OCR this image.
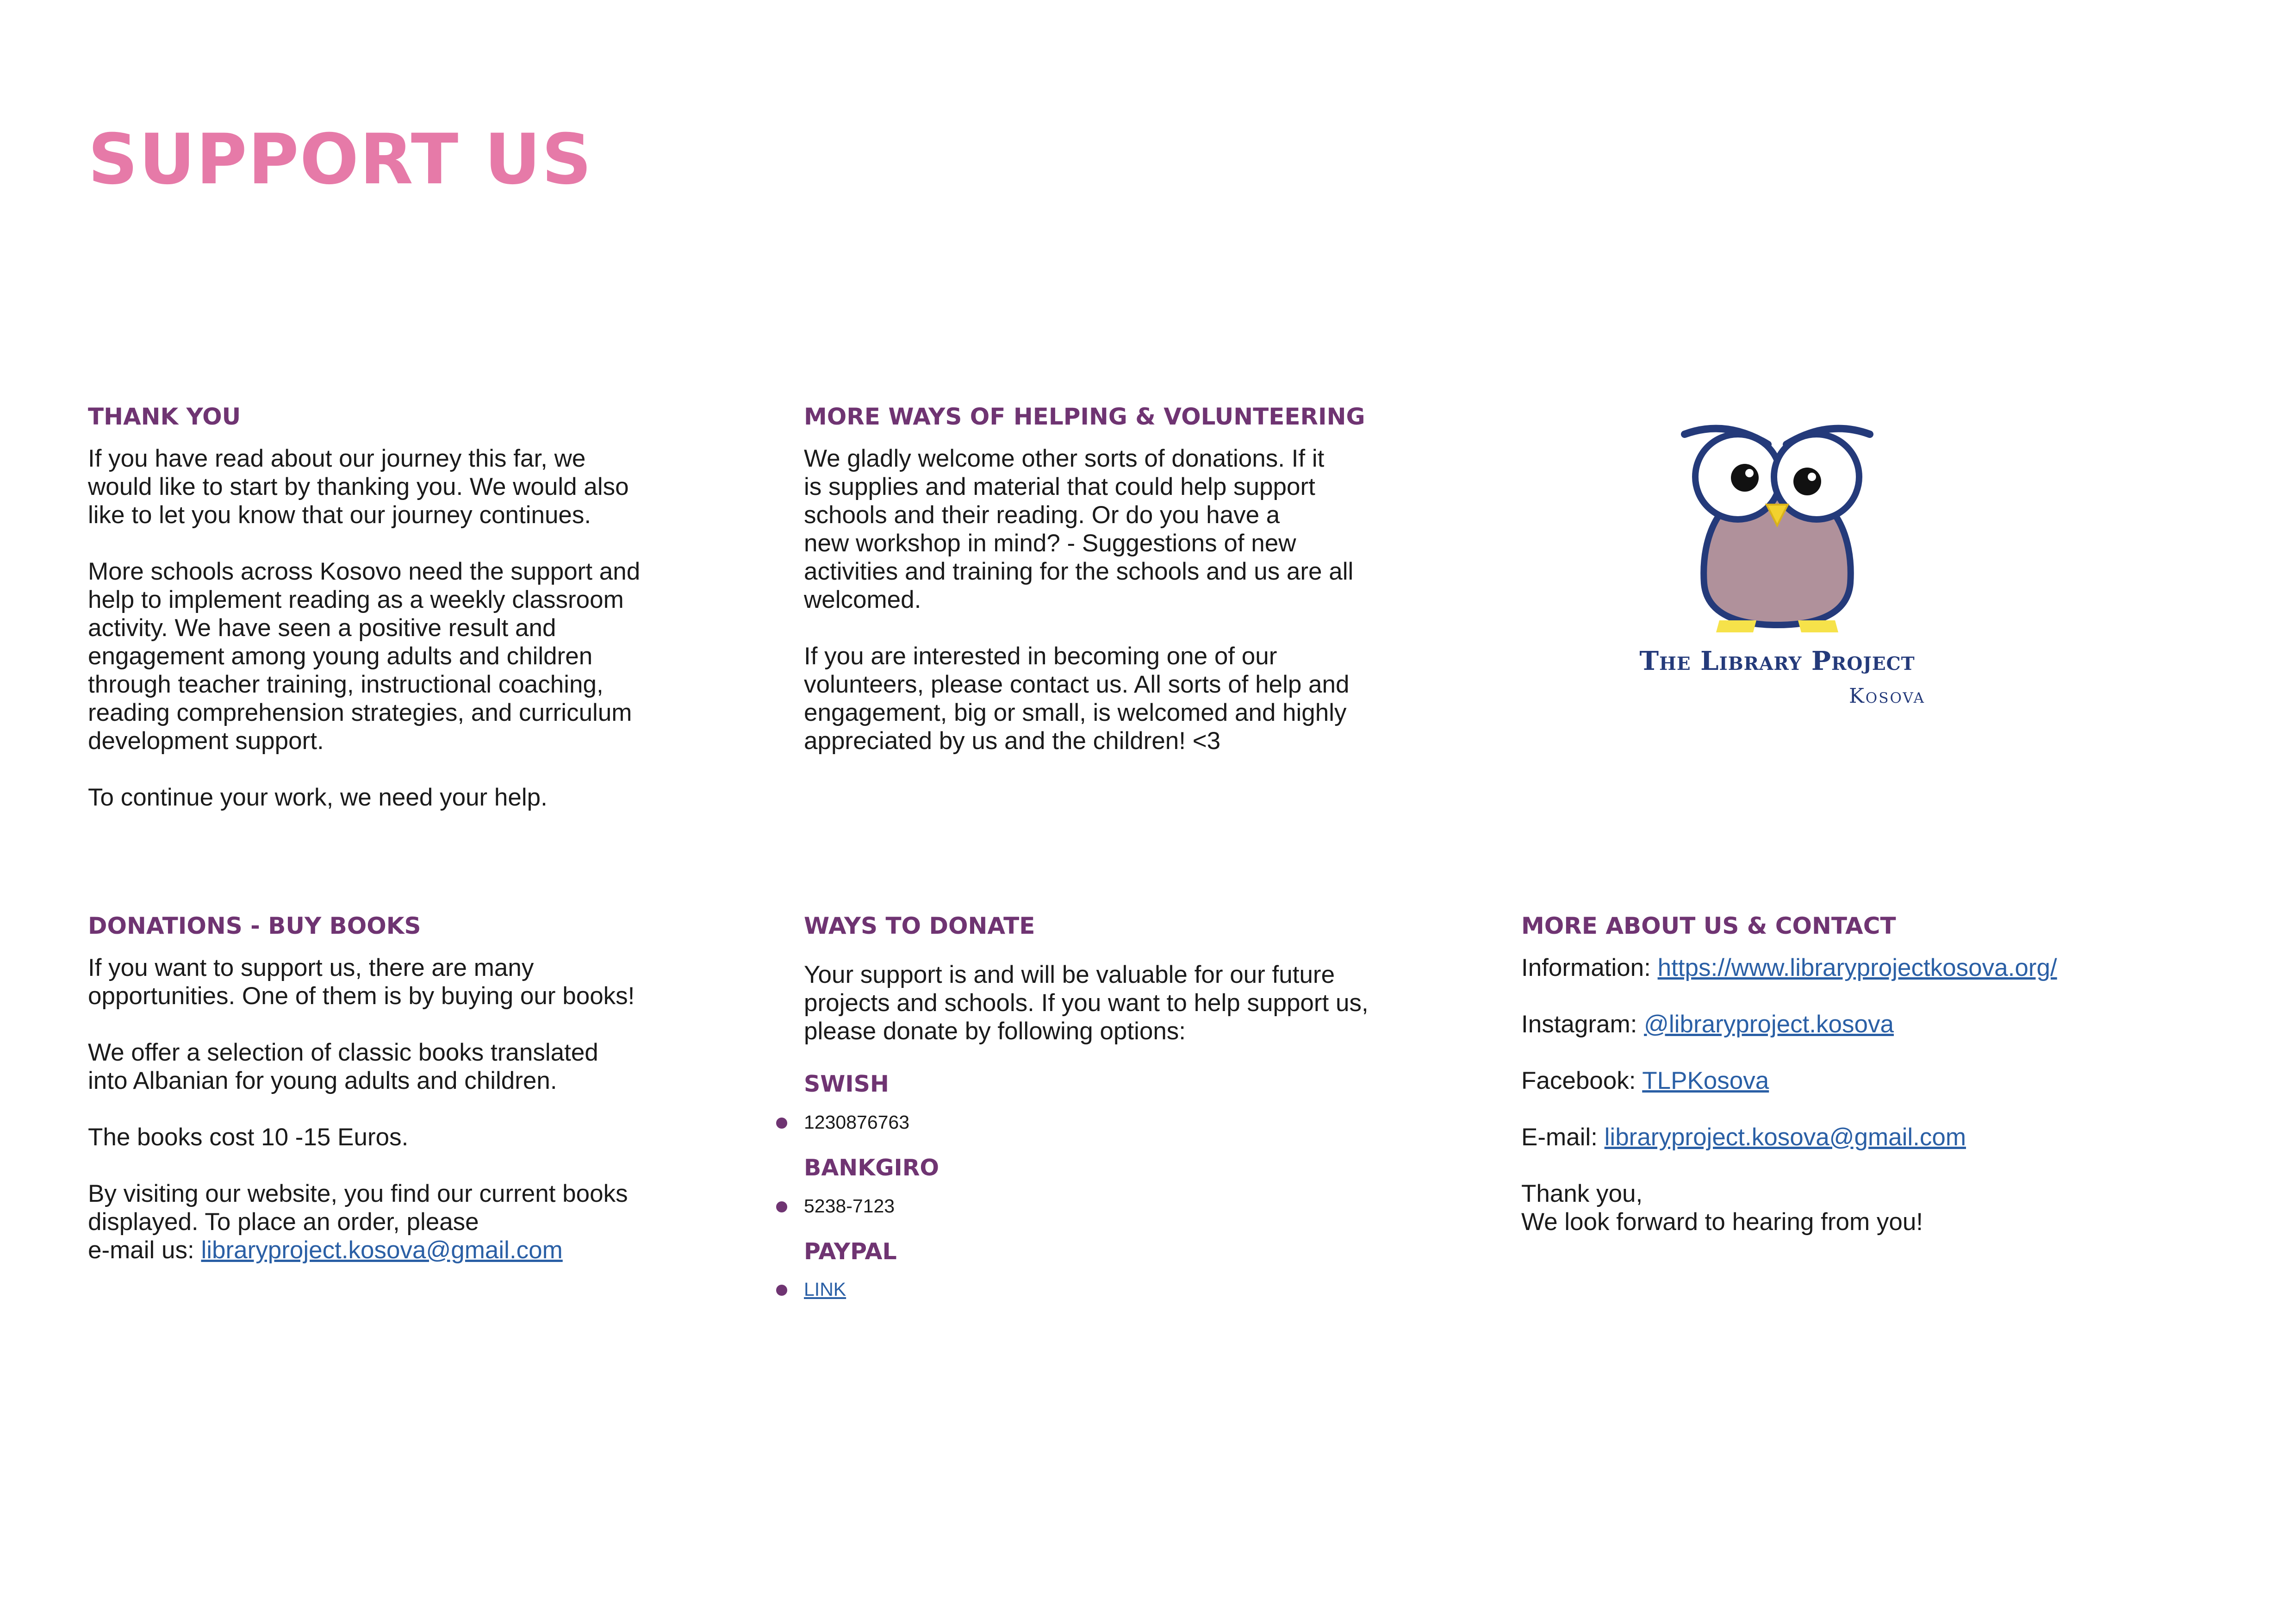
SUPPORT US
THANK YOU

If you have read about our journey this far, we
would like to start by thanking you. We would also
like to let you know that our journey continues.

More schools across Kosovo need the support and
help to implement reading as a weekly classroom
activity. We have seen a positive result and
engagement among young adults and children
through teacher training, instructional coaching,
reading comprehension strategies, and curriculum
development support.

To continue your work, we need your help.

MORE WAYS OF HELPING & VOLUNTEERING

We gladly welcome other sorts of donations. If it
is supplies and material that could help support
schools and their reading. Or do you have a
new workshop in mind? - Suggestions of new
activities and training for the schools and us are all
welcomed.

If you are interested in becoming one of our
volunteers, please contact us. All sorts of help and
engagement, big or small, is welcomed and highly
appreciated by us and the children! <3

The Library Project
Kosova
DONATIONS - BUY BOOKS

If you want to support us, there are many
opportunities. One of them is by buying our books!

We offer a selection of classic books translated
into Albanian for young adults and children.

The books cost 10 -15 Euros.

By visiting our website, you find our current books
displayed. To place an order, please
e-mail us: libraryproject.kosova@gmail.com

WAYS TO DONATE

Your support is and will be valuable for our future
projects and schools. If you want to help support us,
please donate by following options:

SWISH
1230876763
BANKGIRO
5238-7123
PAYPAL
LINK
MORE ABOUT US & CONTACT

Information: https://www.libraryprojectkosova.org/

Instagram: @libraryproject.kosova

Facebook: TLPKosova

E-mail: libraryproject.kosova@gmail.com

Thank you,
We look forward to hearing from you!
